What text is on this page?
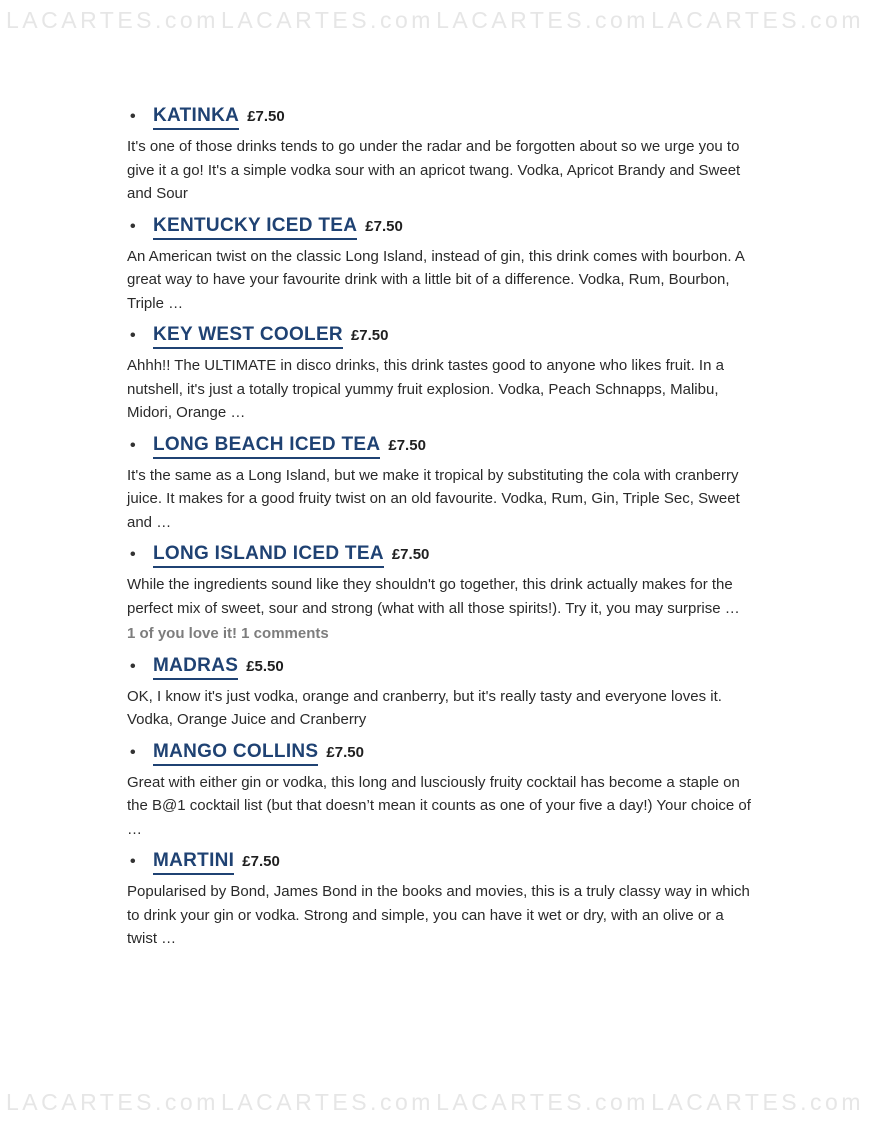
LACARTES.com LACARTES.com LACARTES.com LACARTES.com
• KATINKA £7.50

It's one of those drinks tends to go under the radar and be forgotten about so we urge you to give it a go! It's a simple vodka sour with an apricot twang. Vodka, Apricot Brandy and Sweet and Sour

• KENTUCKY ICED TEA £7.50

An American twist on the classic Long Island, instead of gin, this drink comes with bourbon. A great way to have your favourite drink with a little bit of a difference. Vodka, Rum, Bourbon, Triple …

• KEY WEST COOLER £7.50

Ahhh!! The ULTIMATE in disco drinks, this drink tastes good to anyone who likes fruit. In a nutshell, it's just a totally tropical yummy fruit explosion. Vodka, Peach Schnapps, Malibu, Midori, Orange …

• LONG BEACH ICED TEA £7.50

It's the same as a Long Island, but we make it tropical by substituting the cola with cranberry juice. It makes for a good fruity twist on an old favourite. Vodka, Rum, Gin, Triple Sec, Sweet and …

• LONG ISLAND ICED TEA £7.50

While the ingredients sound like they shouldn't go together, this drink actually makes for the perfect mix of sweet, sour and strong (what with all those spirits!). Try it, you may surprise …

1 of you love it! 1 comments

• MADRAS £5.50

OK, I know it's just vodka, orange and cranberry, but it's really tasty and everyone loves it. Vodka, Orange Juice and Cranberry

• MANGO COLLINS £7.50

Great with either gin or vodka, this long and lusciously fruity cocktail has become a staple on the B@1 cocktail list (but that doesn’t mean it counts as one of your five a day!) Your choice of …

• MARTINI £7.50

Popularised by Bond, James Bond in the books and movies, this is a truly classy way in which to drink your gin or vodka. Strong and simple, you can have it wet or dry, with an olive or a twist …

LACARTES.com LACARTES.com LACARTES.com LACARTES.com
